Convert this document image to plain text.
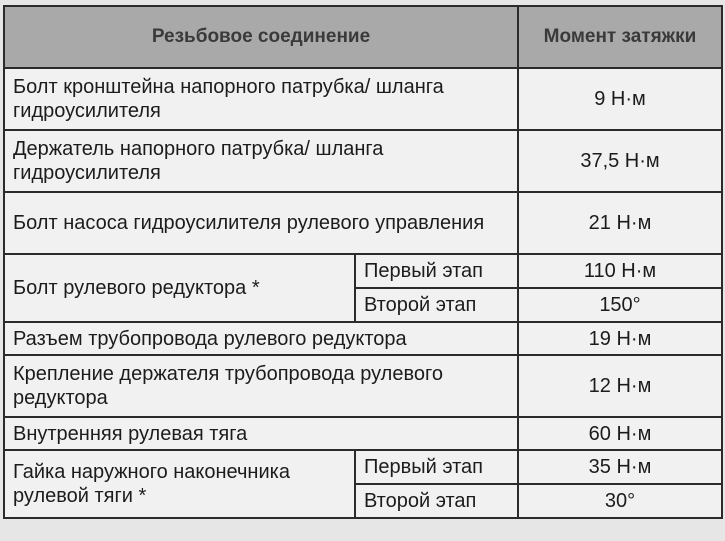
Резьбовое соединение		Момент затяжки
Болт кронштейна напорного патрубка/ шланга гидроусилителя		9 Н·м
Держатель напорного патрубка/ шланга гидроусилителя		37,5 Н·м
Болт насоса гидроусилителя рулевого управления		21 Н·м
Болт рулевого редуктора *	Первый этап	110 Н·м
	Второй этап	150°
Разъем трубопровода рулевого редуктора		19 Н·м
Крепление держателя трубопровода рулевого редуктора		12 Н·м
Внутренняя рулевая тяга		60 Н·м
Гайка наружного наконечника рулевой тяги *	Первый этап	35 Н·м
	Второй этап	30°
